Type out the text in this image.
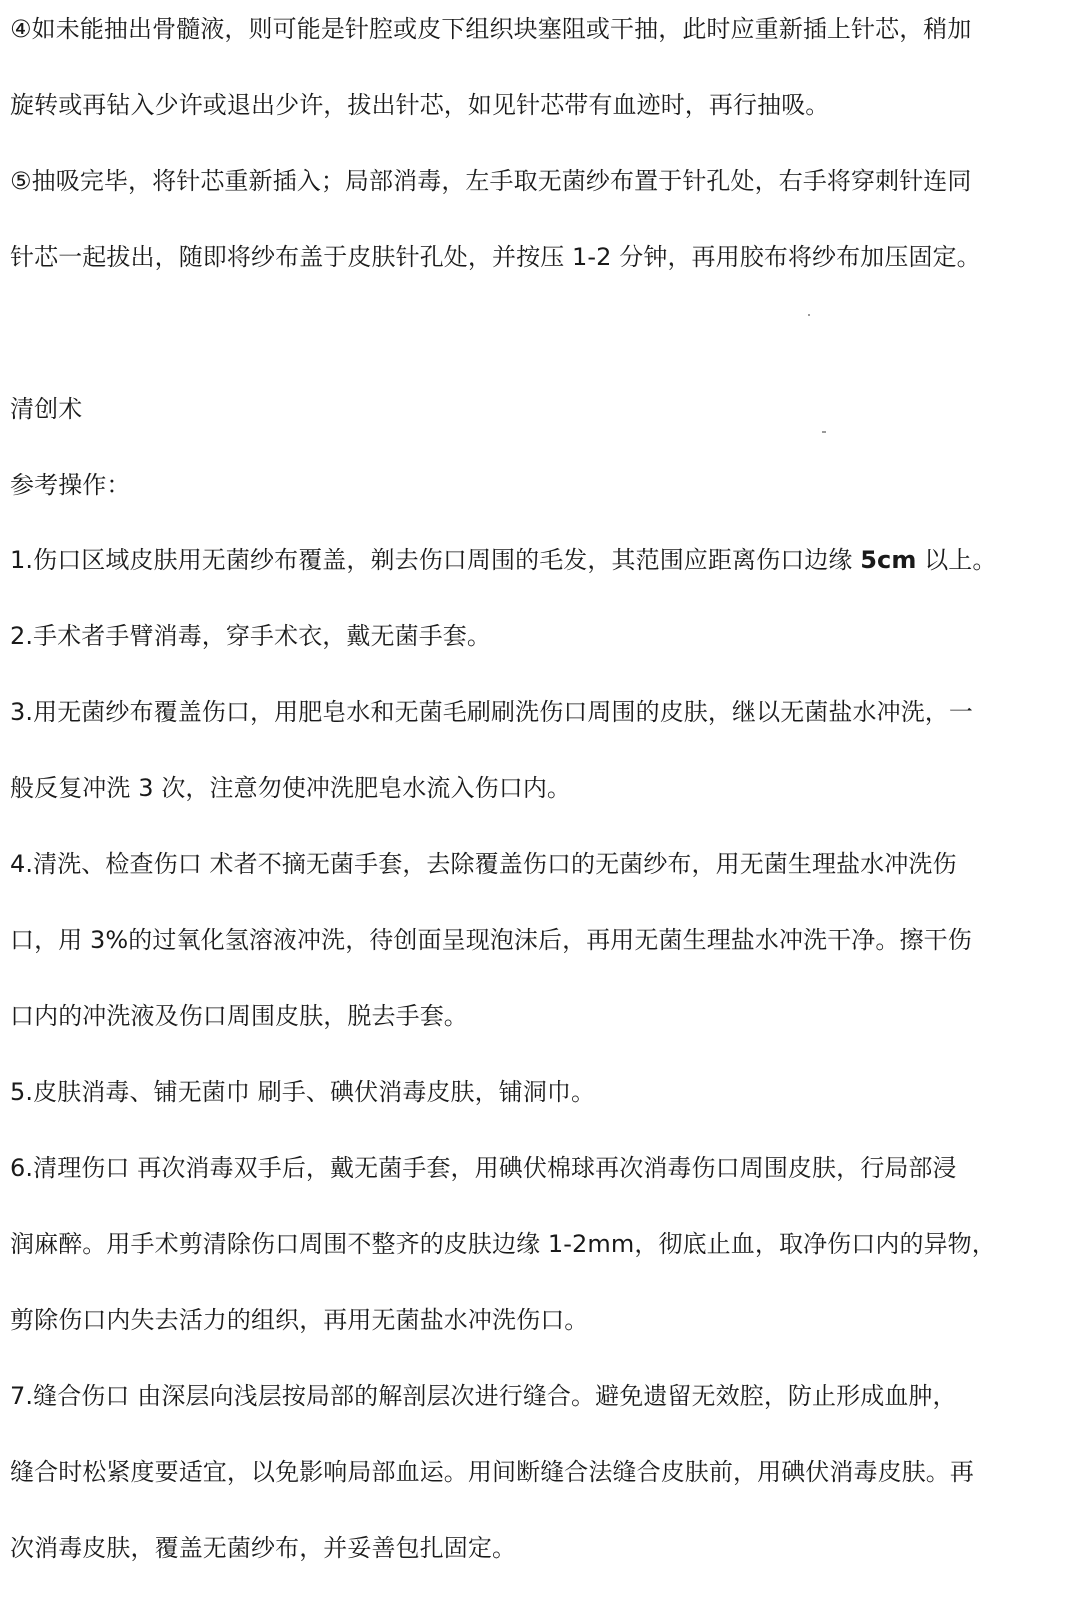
④如未能抽出骨髓液，则可能是针腔或皮下组织块塞阻或干抽，此时应重新插上针芯，稍加
旋转或再钻入少许或退出少许，拔出针芯，如见针芯带有血迹时，再行抽吸。
⑤抽吸完毕，将针芯重新插入；局部消毒，左手取无菌纱布置于针孔处，右手将穿刺针连同
针芯一起拔出，随即将纱布盖于皮肤针孔处，并按压 1-2 分钟，再用胶布将纱布加压固定。
清创术
参考操作：
1.伤口区域皮肤用无菌纱布覆盖，剃去伤口周围的毛发，其范围应距离伤口边缘 5cm 以上。
2.手术者手臂消毒，穿手术衣，戴无菌手套。
3.用无菌纱布覆盖伤口，用肥皂水和无菌毛刷刷洗伤口周围的皮肤，继以无菌盐水冲洗，一
般反复冲洗 3 次，注意勿使冲洗肥皂水流入伤口内。
4.清洗、检查伤口 术者不摘无菌手套，去除覆盖伤口的无菌纱布，用无菌生理盐水冲洗伤
口，用 3%的过氧化氢溶液冲洗，待创面呈现泡沫后，再用无菌生理盐水冲洗干净。擦干伤
口内的冲洗液及伤口周围皮肤，脱去手套。
5.皮肤消毒、铺无菌巾 刷手、碘伏消毒皮肤，铺洞巾。
6.清理伤口 再次消毒双手后，戴无菌手套，用碘伏棉球再次消毒伤口周围皮肤，行局部浸
润麻醉。用手术剪清除伤口周围不整齐的皮肤边缘 1-2mm，彻底止血，取净伤口内的异物，
剪除伤口内失去活力的组织，再用无菌盐水冲洗伤口。
7.缝合伤口 由深层向浅层按局部的解剖层次进行缝合。避免遗留无效腔，防止形成血肿，
缝合时松紧度要适宜，以免影响局部血运。用间断缝合法缝合皮肤前，用碘伏消毒皮肤。再
次消毒皮肤，覆盖无菌纱布，并妥善包扎固定。
